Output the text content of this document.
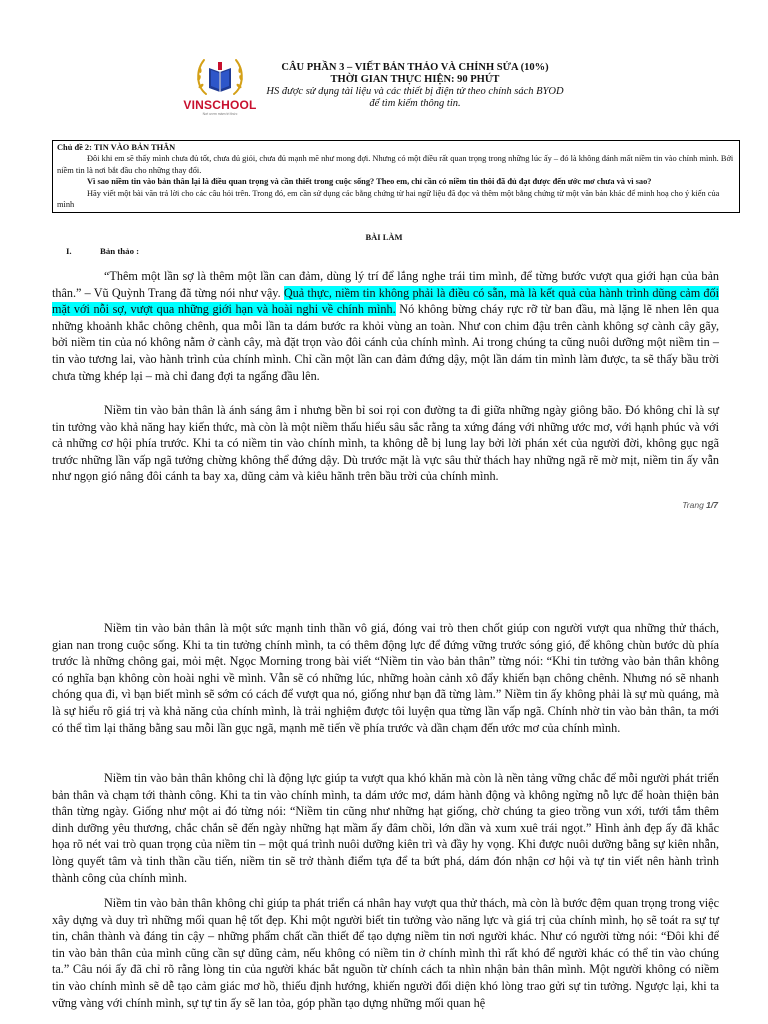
VINSCHOOL
Nơi ươm mầm tri thức
CÂU PHẦN 3 – VIẾT BẢN THẢO VÀ CHỈNH SỬA (10%)
THỜI GIAN THỰC HIỆN: 90 PHÚT
HS được sử dụng tài liệu và các thiết bị điện tử theo chính sách BYOD
để tìm kiếm thông tin.

Chủ đề 2: TIN VÀO BẢN THÂN

Đôi khi em sẽ thấy mình chưa đủ tốt, chưa đủ giỏi, chưa đủ mạnh mẽ như mong đợi. Nhưng có một điều rất quan trọng trong những lúc ấy – đó là không đánh mất niềm tin vào chính mình. Bởi niềm tin là nơi bắt đầu cho những thay đổi.

Vì sao niềm tin vào bản thân lại là điều quan trọng và cần thiết trong cuộc sống? Theo em, chỉ cần có niềm tin thôi đã đủ đạt được đến ước mơ chưa và vì sao?

Hãy viết một bài văn trả lời cho các câu hỏi trên. Trong đó, em cần sử dụng các bằng chứng từ hai ngữ liệu đã đọc và thêm một bằng chứng từ một văn bản khác để minh hoạ cho ý kiến của mình

BÀI LÀM
I.	Bản thảo :

“Thêm một lần sợ là thêm một lần can đảm, dùng lý trí để lắng nghe trái tim mình, để từng bước vượt qua giới hạn của bản thân.” – Vũ Quỳnh Trang đã từng nói như vậy. Quả thực, niềm tin không phải là điều có sẵn, mà là kết quả của hành trình dũng cảm đối mặt với nỗi sợ, vượt qua những giới hạn và hoài nghi về chính mình. Nó không bừng cháy rực rỡ từ ban đầu, mà lặng lẽ nhen lên qua những khoảnh khắc chông chênh, qua mỗi lần ta dám bước ra khỏi vùng an toàn. Như con chim đậu trên cành không sợ cành cây gãy, bởi niềm tin của nó không nằm ở cành cây, mà đặt trọn vào đôi cánh của chính mình. Ai trong chúng ta cũng nuôi dưỡng một niềm tin – tin vào tương lai, vào hành trình của chính mình. Chỉ cần một lần can đảm đứng dậy, một lần dám tin mình làm được, ta sẽ thấy bầu trời chưa từng khép lại – mà chỉ đang đợi ta ngẩng đầu lên.

Niềm tin vào bản thân là ánh sáng âm ỉ nhưng bền bỉ soi rọi con đường ta đi giữa những ngày giông bão. Đó không chỉ là sự tin tưởng vào khả năng hay kiến thức, mà còn là một niềm thấu hiểu sâu sắc rằng ta xứng đáng với những ước mơ, với hạnh phúc và với cả những cơ hội phía trước. Khi ta có niềm tin vào chính mình, ta không dễ bị lung lay bởi lời phán xét của người đời, không gục ngã trước những lần vấp ngã tưởng chừng không thể đứng dậy. Dù trước mặt là vực sâu thử thách hay những ngã rẽ mờ mịt, niềm tin ấy vẫn như ngọn gió nâng đôi cánh ta bay xa, dũng cảm và kiêu hãnh trên bầu trời của chính mình.

Trang 1/7

Niềm tin vào bản thân là một sức mạnh tinh thần vô giá, đóng vai trò then chốt giúp con người vượt qua những thử thách, gian nan trong cuộc sống. Khi ta tin tưởng chính mình, ta có thêm động lực để đứng vững trước sóng gió, để không chùn bước dù phía trước là những chông gai, mỏi mệt. Ngọc Morning trong bài viết “Niềm tin vào bản thân” từng nói: “Khi tin tưởng vào bản thân không có nghĩa bạn không còn hoài nghi về mình. Vẫn sẽ có những lúc, những hoàn cảnh xô đẩy khiến bạn chông chênh. Nhưng nó sẽ nhanh chóng qua đi, vì bạn biết mình sẽ sớm có cách để vượt qua nó, giống như bạn đã từng làm.” Niềm tin ấy không phải là sự mù quáng, mà là sự hiểu rõ giá trị và khả năng của chính mình, là trải nghiệm được tôi luyện qua từng lần vấp ngã. Chính nhờ tin vào bản thân, ta mới có thể tìm lại thăng bằng sau mỗi lần gục ngã, mạnh mẽ tiến về phía trước và dần chạm đến ước mơ của chính mình.

Niềm tin vào bản thân không chỉ là động lực giúp ta vượt qua khó khăn mà còn là nền tảng vững chắc để mỗi người phát triển bản thân và chạm tới thành công. Khi ta tin vào chính mình, ta dám ước mơ, dám hành động và không ngừng nỗ lực để hoàn thiện bản thân từng ngày. Giống như một ai đó từng nói: “Niềm tin cũng như những hạt giống, chờ chúng ta gieo trồng vun xới, tưới tắm thêm dinh dưỡng yêu thương, chắc chắn sẽ đến ngày những hạt mầm ấy đâm chồi, lớn dần và xum xuê trái ngọt.” Hình ảnh đẹp ấy đã khắc họa rõ nét vai trò quan trọng của niềm tin – một quá trình nuôi dưỡng kiên trì và đầy hy vọng. Khi được nuôi dưỡng bằng sự kiên nhẫn, lòng quyết tâm và tinh thần cầu tiến, niềm tin sẽ trở thành điểm tựa để ta bứt phá, dám đón nhận cơ hội và tự tin viết nên hành trình thành công của chính mình.

Niềm tin vào bản thân không chỉ giúp ta phát triển cá nhân hay vượt qua thử thách, mà còn là bước đệm quan trọng trong việc xây dựng và duy trì những mối quan hệ tốt đẹp. Khi một người biết tin tưởng vào năng lực và giá trị của chính mình, họ sẽ toát ra sự tự tin, chân thành và đáng tin cậy – những phẩm chất cần thiết để tạo dựng niềm tin nơi người khác. Như có người từng nói: “Đôi khi để tin vào bản thân của mình cũng cần sự dũng cảm, nếu không có niềm tin ở chính mình thì rất khó để người khác có thể tin vào chúng ta.” Câu nói ấy đã chỉ rõ rằng lòng tin của người khác bắt nguồn từ chính cách ta nhìn nhận bản thân mình. Một người không có niềm tin vào chính mình sẽ dễ tạo cảm giác mơ hồ, thiếu định hướng, khiến người đối diện khó lòng trao gửi sự tin tưởng. Ngược lại, khi ta vững vàng với chính mình, sự tự tin ấy sẽ lan tỏa, góp phần tạo dựng những mối quan hệ
